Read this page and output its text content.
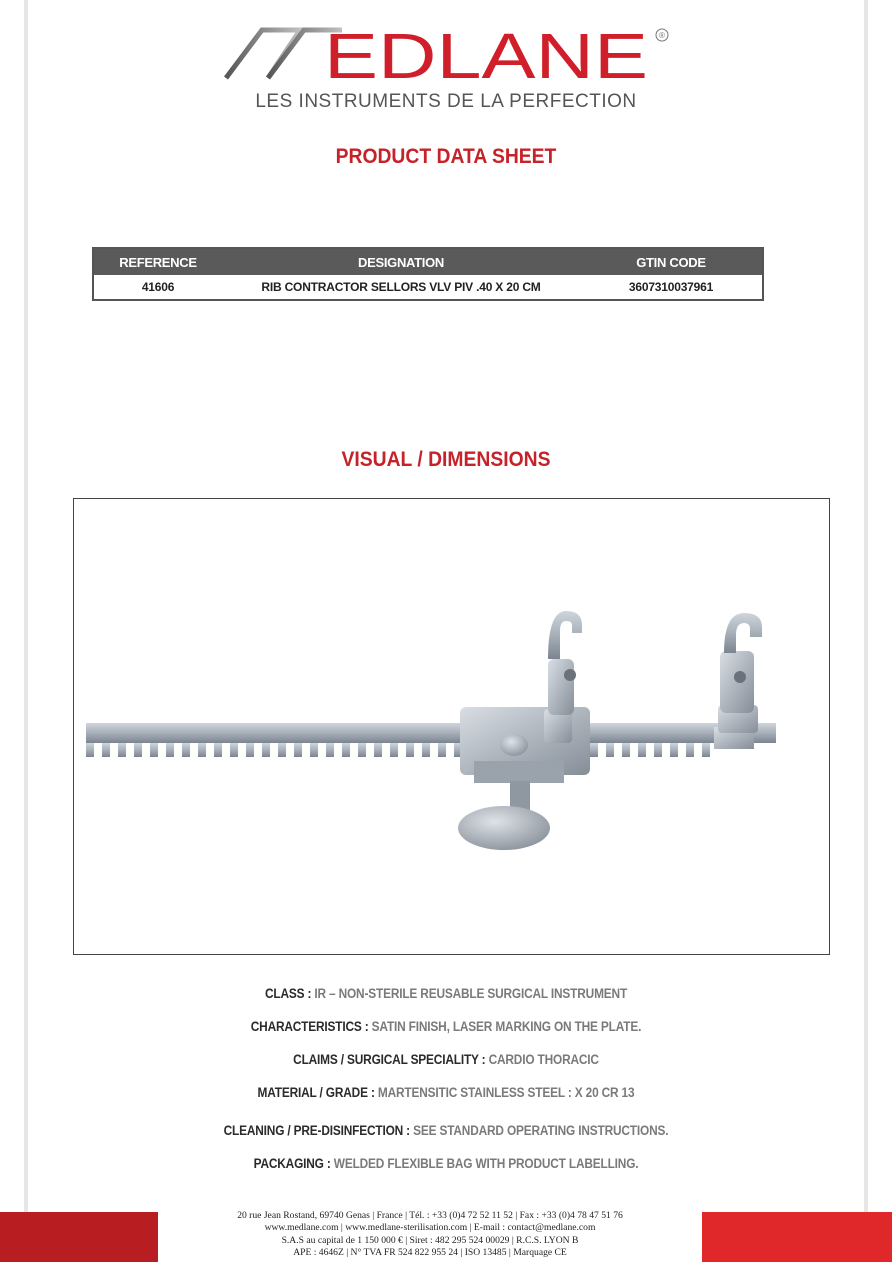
EDLANE ®
LES INSTRUMENTS DE LA PERFECTION
PRODUCT DATA SHEET
REFERENCE	DESIGNATION	GTIN CODE
41606	RIB CONTRACTOR SELLORS VLV PIV .40 X 20 CM	3607310037961
VISUAL / DIMENSIONS
CLASS : IR – NON-STERILE REUSABLE SURGICAL INSTRUMENT
CHARACTERISTICS : SATIN FINISH, LASER MARKING ON THE PLATE.
CLAIMS / SURGICAL SPECIALITY : CARDIO THORACIC
MATERIAL / GRADE : MARTENSITIC STAINLESS STEEL : X 20 CR 13
CLEANING / PRE-DISINFECTION : SEE STANDARD OPERATING INSTRUCTIONS.
PACKAGING : WELDED FLEXIBLE BAG WITH PRODUCT LABELLING.
20 rue Jean Rostand, 69740 Genas | France | Tél. : +33 (0)4 72 52 11 52 | Fax : +33 (0)4 78 47 51 76
www.medlane.com | www.medlane-sterilisation.com | E-mail : contact@medlane.com
S.A.S au capital de 1 150 000 € | Siret : 482 295 524 00029 | R.C.S. LYON B
APE : 4646Z | N° TVA FR 524 822 955 24 | ISO 13485 | Marquage CE
